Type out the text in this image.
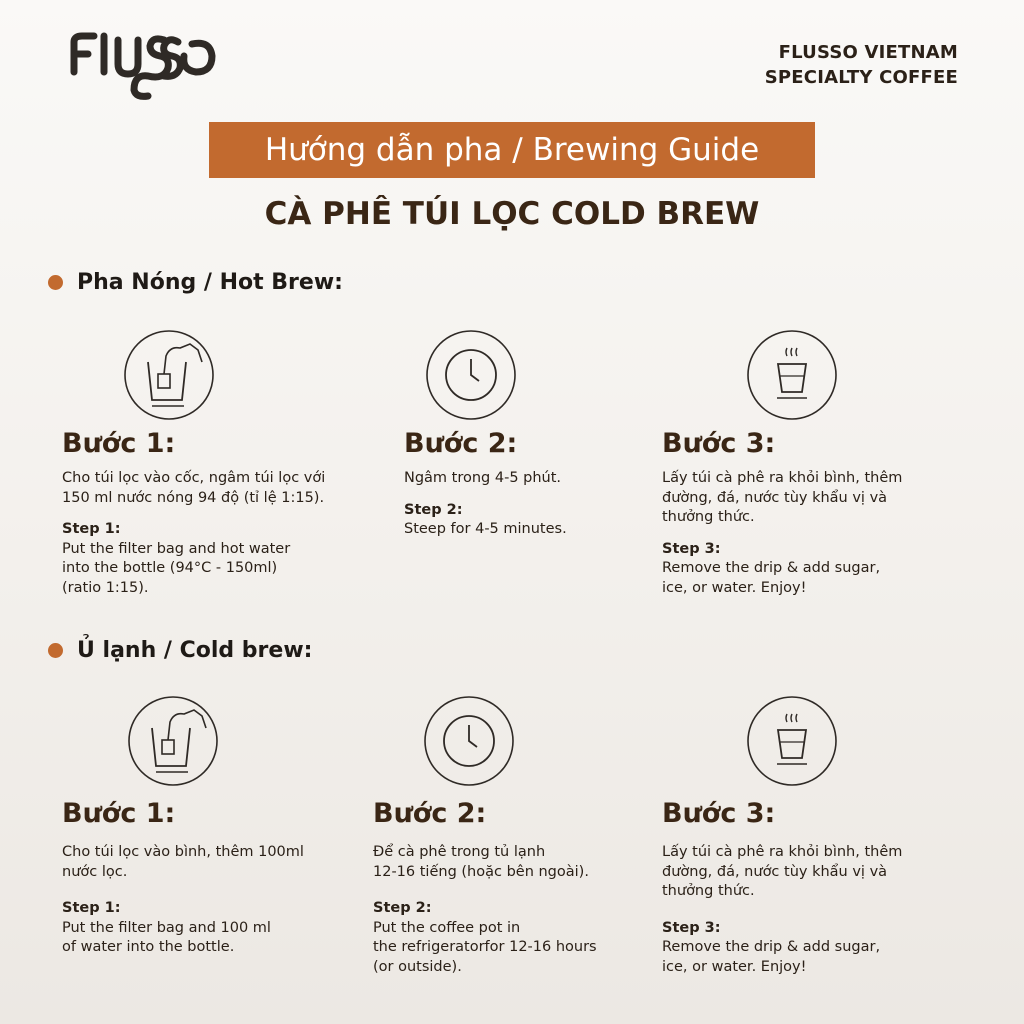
FLUSSO VIETNAM
SPECIALTY COFFEE
Hướng dẫn pha / Brewing Guide
CÀ PHÊ TÚI LỌC COLD BREW
Pha Nóng / Hot Brew:
Bước 1:
Cho túi lọc vào cốc, ngâm túi lọc với
150 ml nước nóng 94 độ (tỉ lệ 1:15).
Step 1:
Put the filter bag and hot water
into the bottle (94°C - 150ml)
(ratio 1:15).
Bước 2:
Ngâm trong 4-5 phút.
Step 2:
Steep for 4-5 minutes.
Bước 3:
Lấy túi cà phê ra khỏi bình, thêm
đường, đá, nước tùy khẩu vị và
thưởng thức.
Step 3:
Remove the drip & add sugar,
ice, or water. Enjoy!
Ủ lạnh / Cold brew:
Bước 1:
Cho túi lọc vào bình, thêm 100ml
nước lọc.
Step 1:
Put the filter bag and 100 ml
of water into the bottle.
Bước 2:
Để cà phê trong tủ lạnh
12-16 tiếng (hoặc bên ngoài).
Step 2:
Put the coffee pot in
the refrigeratorfor 12-16 hours
(or outside).
Bước 3:
Lấy túi cà phê ra khỏi bình, thêm
đường, đá, nước tùy khẩu vị và
thưởng thức.
Step 3:
Remove the drip & add sugar,
ice, or water. Enjoy!
